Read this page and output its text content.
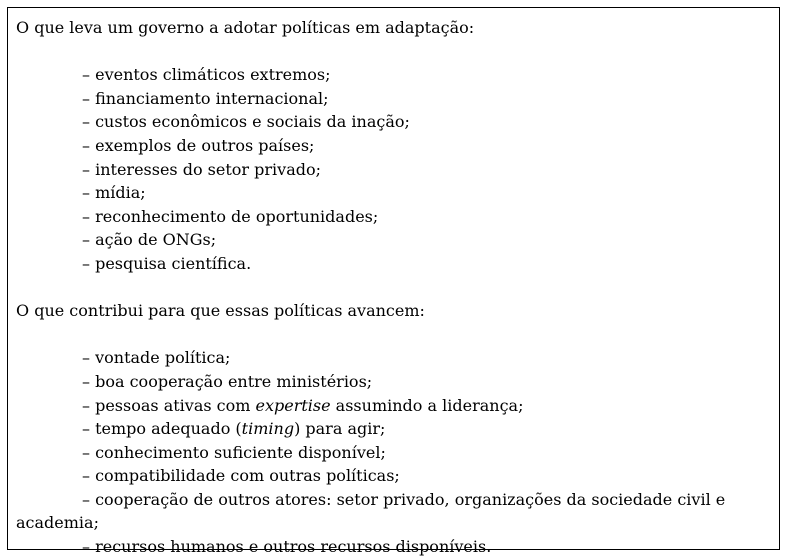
O que leva um governo a adotar políticas em adaptação:

– eventos climáticos extremos;
– financiamento internacional;
– custos econômicos e sociais da inação;
– exemplos de outros países;
– interesses do setor privado;
– mídia;
– reconhecimento de oportunidades;
– ação de ONGs;
– pesquisa científica.

O que contribui para que essas políticas avancem:

– vontade política;
– boa cooperação entre ministérios;
– pessoas ativas com expertise assumindo a liderança;
– tempo adequado (timing) para agir;
– conhecimento suficiente disponível;
– compatibilidade com outras políticas;
– cooperação de outros atores: setor privado, organizações da sociedade civil e academia;
– recursos humanos e outros recursos disponíveis.
